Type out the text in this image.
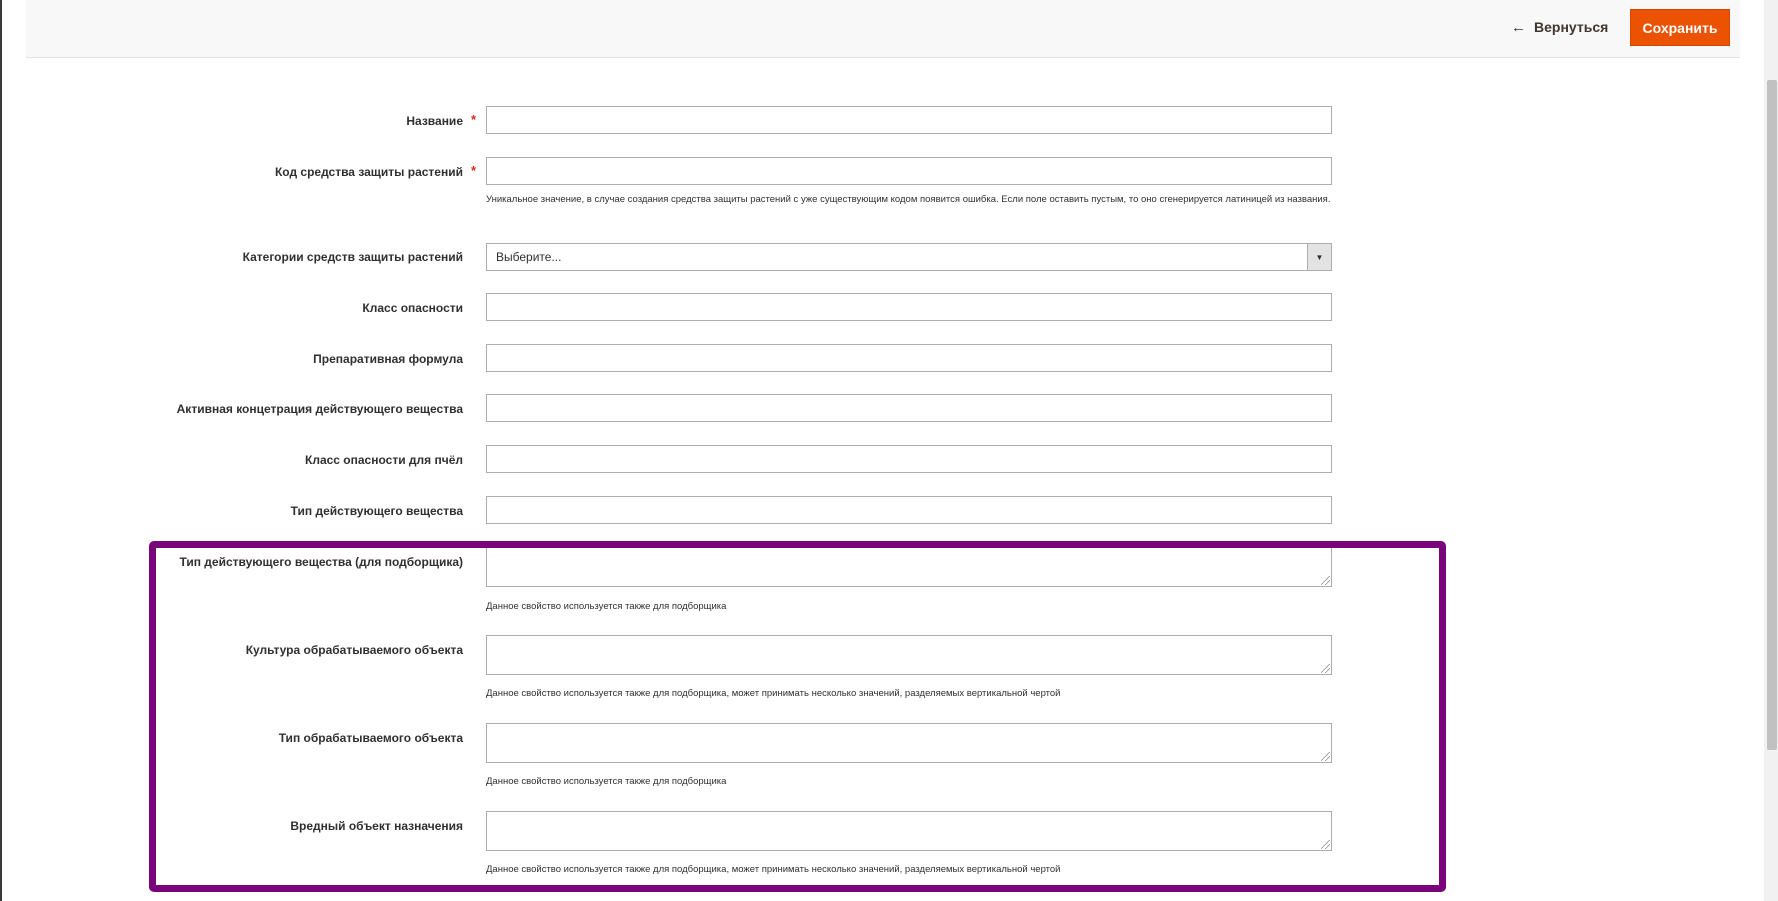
← Вернуться	Сохранить
Название *
Код средства защиты растений *
Уникальное значение, в случае создания средства защиты растений с уже существующим кодом появится ошибка. Если поле оставить пустым, то оно сгенерируется латиницей из названия.
Категории средств защиты растений	Выберите...	▼
Класс опасности
Препаративная формула
Активная концетрация действующего вещества
Класс опасности для пчёл
Тип действующего вещества
Тип действующего вещества (для подборщика)
Данное свойство используется также для подборщика
Культура обрабатываемого объекта
Данное свойство используется также для подборщика, может принимать несколько значений, разделяемых вертикальной чертой
Тип обрабатываемого объекта
Данное свойство используется также для подборщика
Вредный объект назначения
Данное свойство используется также для подборщика, может принимать несколько значений, разделяемых вертикальной чертой
